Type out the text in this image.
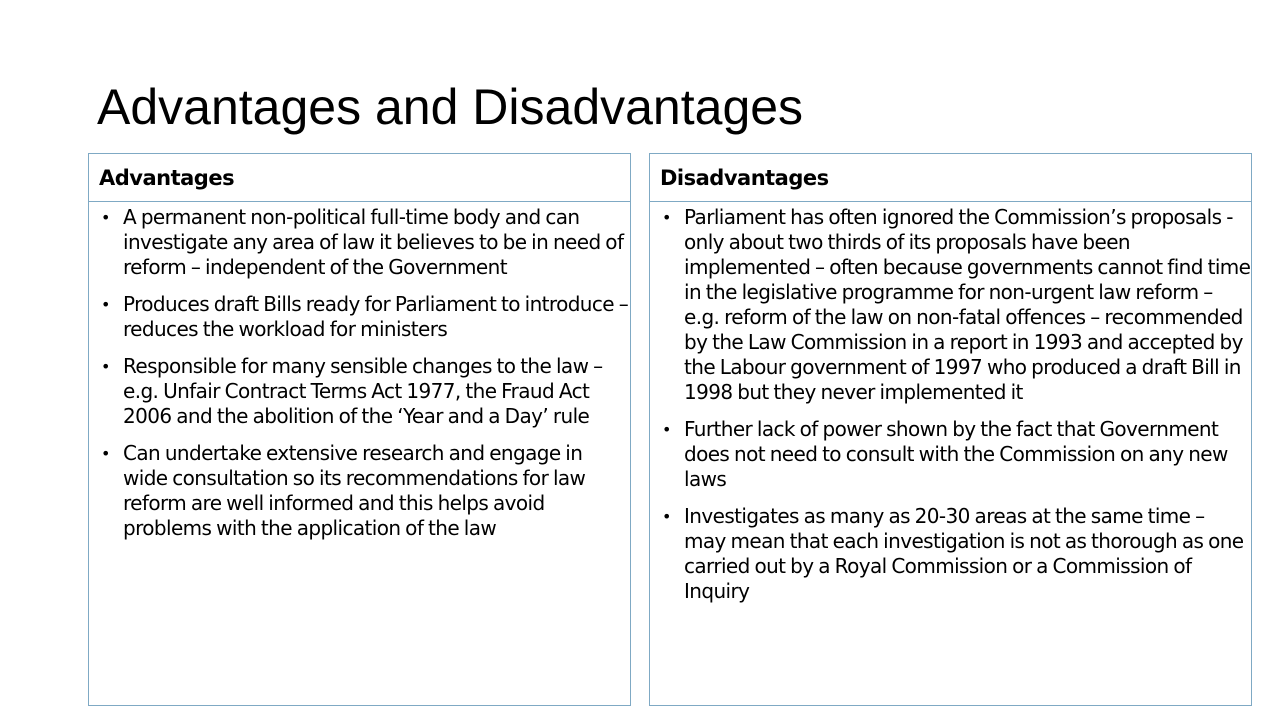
Advantages and Disadvantages
Advantages
• A permanent non-political full-time body and can investigate any area of law it believes to be in need of reform – independent of the Government
• Produces draft Bills ready for Parliament to introduce – reduces the workload for ministers
• Responsible for many sensible changes to the law – e.g. Unfair Contract Terms Act 1977, the Fraud Act 2006 and the abolition of the ‘Year and a Day’ rule
• Can undertake extensive research and engage in wide consultation so its recommendations for law reform are well informed and this helps avoid problems with the application of the law
Disadvantages
• Parliament has often ignored the Commission’s proposals - only about two thirds of its proposals have been implemented – often because governments cannot find time in the legislative programme for non-urgent law reform – e.g. reform of the law on non-fatal offences – recommended by the Law Commission in a report in 1993 and accepted by the Labour government of 1997 who produced a draft Bill in 1998 but they never implemented it
• Further lack of power shown by the fact that Government does not need to consult with the Commission on any new laws
• Investigates as many as 20-30 areas at the same time – may mean that each investigation is not as thorough as one carried out by a Royal Commission or a Commission of Inquiry
